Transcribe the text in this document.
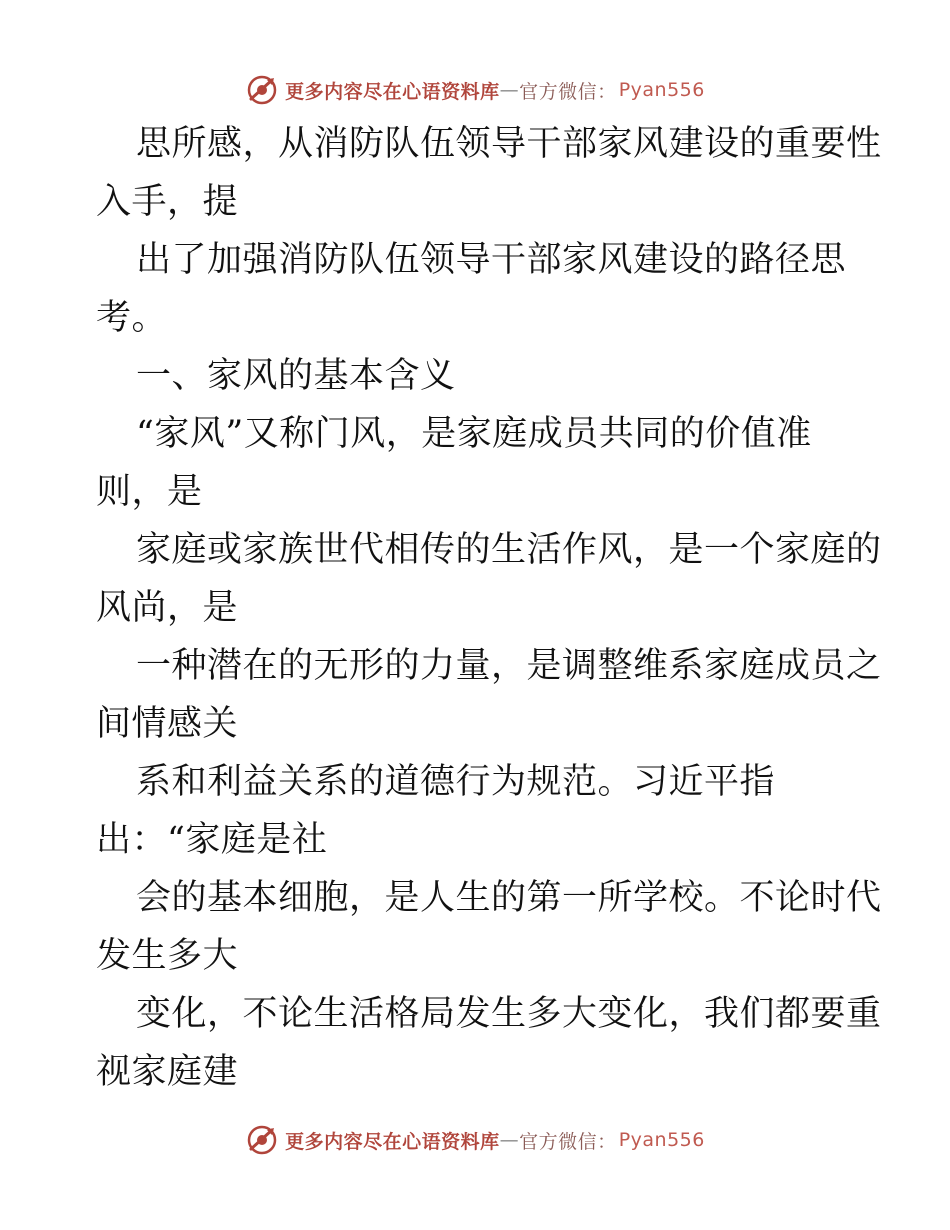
更多内容尽在心语资料库 — 官方微信： Pyan556
思所感，从消防队伍领导干部家风建设的重要性
入手，提
出了加强消防队伍领导干部家风建设的路径思
考。
一、家风的基本含义
“家风”又称门风，是家庭成员共同的价值准
则，是
家庭或家族世代相传的生活作风，是一个家庭的
风尚，是
一种潜在的无形的力量，是调整维系家庭成员之
间情感关
系和利益关系的道德行为规范。习近平指
出：“家庭是社
会的基本细胞，是人生的第一所学校。不论时代
发生多大
变化，不论生活格局发生多大变化，我们都要重
视家庭建
更多内容尽在心语资料库 — 官方微信： Pyan556
